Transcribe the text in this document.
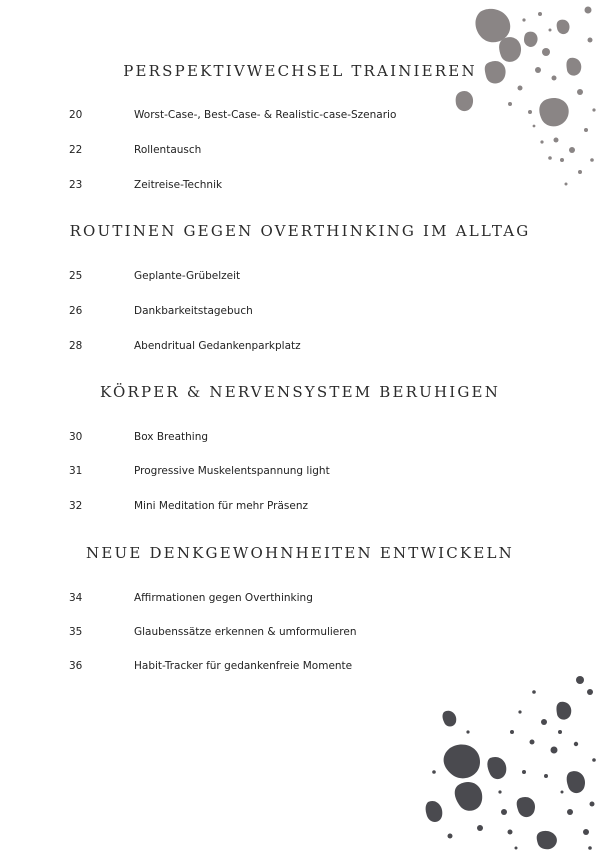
PERSPEKTIVWECHSEL TRAINIEREN
20	Worst-Case-, Best-Case- & Realistic-case-Szenario
22	Rollentausch
23	Zeitreise-Technik
ROUTINEN GEGEN OVERTHINKING IM ALLTAG
25	Geplante-Grübelzeit
26	Dankbarkeitstagebuch
28	Abendritual Gedankenparkplatz
KÖRPER & NERVENSYSTEM BERUHIGEN
30	Box Breathing
31	Progressive Muskelentspannung light
32	Mini Meditation für mehr Präsenz
NEUE DENKGEWOHNHEITEN ENTWICKELN
34	Affirmationen gegen Overthinking
35	Glaubenssätze erkennen & umformulieren
36	Habit-Tracker für gedankenfreie Momente
